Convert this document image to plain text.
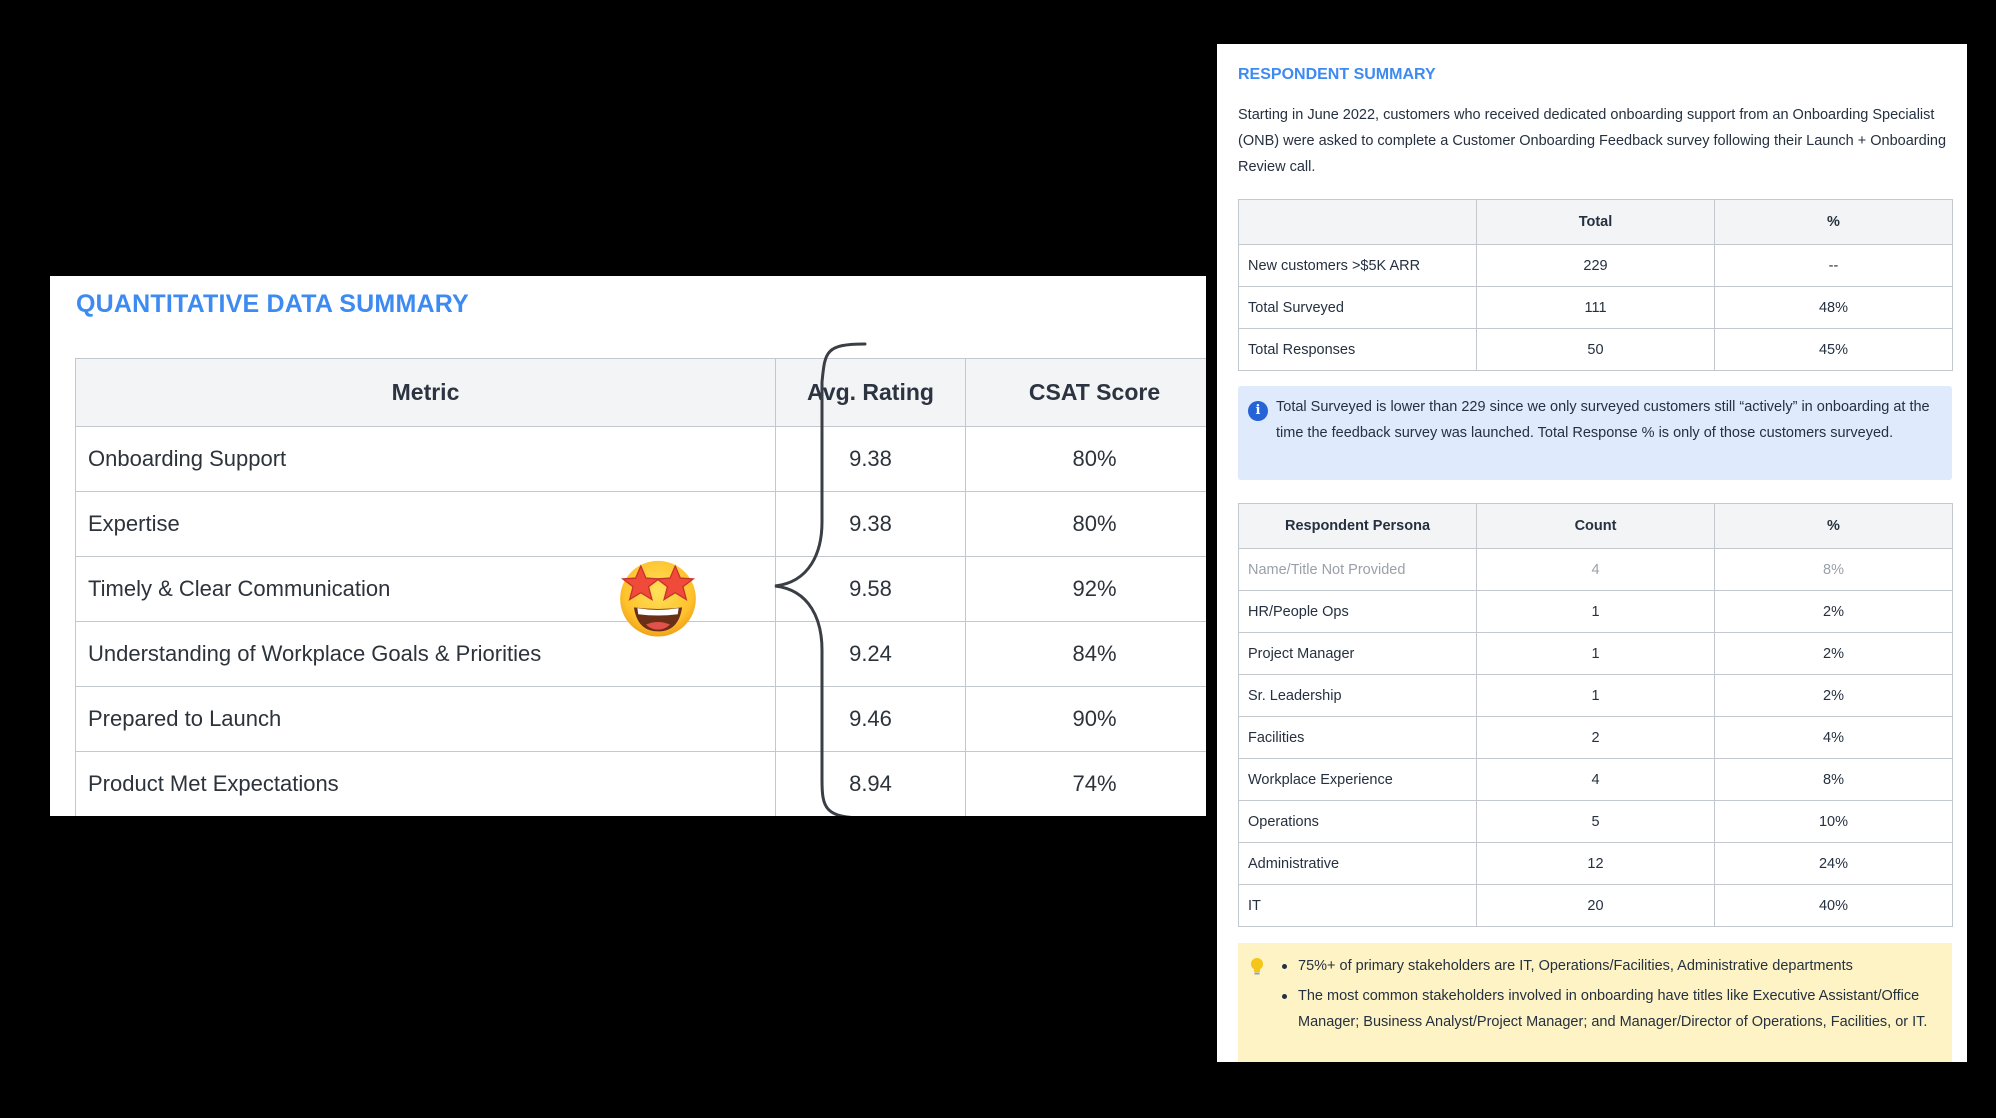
QUANTITATIVE DATA SUMMARY
Metric	Avg. Rating	CSAT Score
Onboarding Support	9.38	80%
Expertise	9.38	80%
Timely & Clear Communication	9.58	92%
Understanding of Workplace Goals & Priorities	9.24	84%
Prepared to Launch	9.46	90%
Product Met Expectations	8.94	74%
RESPONDENT SUMMARY
Starting in June 2022, customers who received dedicated onboarding support from an Onboarding Specialist (ONB) were asked to complete a Customer Onboarding Feedback survey following their Launch + Onboarding Review call.
	Total	%
New customers >$5K ARR	229	--
Total Surveyed	111	48%
Total Responses	50	45%
i	Total Surveyed is lower than 229 since we only surveyed customers still “actively” in onboarding at the time the feedback survey was launched. Total Response % is only of those customers surveyed.
Respondent Persona	Count	%
Name/Title Not Provided	4	8%
HR/People Ops	1	2%
Project Manager	1	2%
Sr. Leadership	1	2%
Facilities	2	4%
Workplace Experience	4	8%
Operations	5	10%
Administrative	12	24%
IT	20	40%
75%+ of primary stakeholders are IT, Operations/Facilities, Administrative departments
The most common stakeholders involved in onboarding have titles like Executive Assistant/Office Manager; Business Analyst/Project Manager; and Manager/Director of Operations, Facilities, or IT.
